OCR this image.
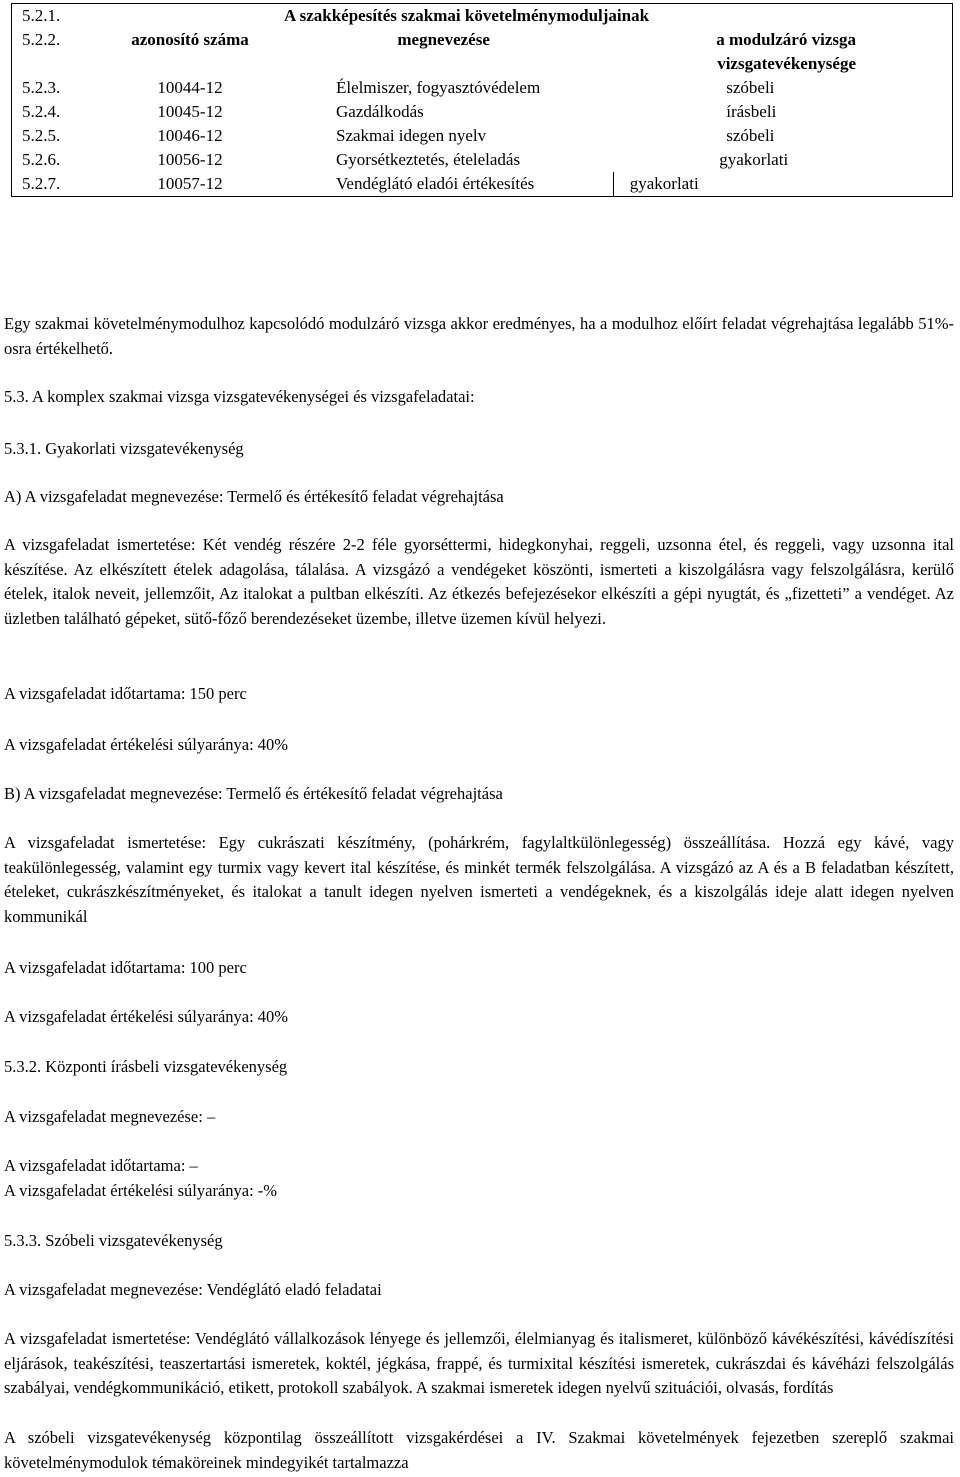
5.2.1.		A szakképesítés szakmai követelménymoduljainak	
5.2.2.	azonosító száma	megnevezése	a modulzáró vizsga vizsgatevékenysége
5.2.3.	10044-12	Élelmiszer, fogyasztóvédelem	szóbeli
5.2.4.	10045-12	Gazdálkodás	írásbeli
5.2.5.	10046-12	Szakmai idegen nyelv	szóbeli
5.2.6.	10056-12	Gyorsétkeztetés, ételeladás	gyakorlati
5.2.7.	10057-12	Vendéglátó eladói értékesítés	gyakorlati

Egy szakmai követelménymodulhoz kapcsolódó modulzáró vizsga akkor eredményes, ha a modulhoz előírt feladat végrehajtása legalább 51%-osra értékelhető.

5.3. A komplex szakmai vizsga vizsgatevékenységei és vizsgafeladatai:

5.3.1. Gyakorlati vizsgatevékenység

A) A vizsgafeladat megnevezése: Termelő és értékesítő feladat végrehajtása

A vizsgafeladat ismertetése: Két vendég részére 2-2 féle gyorséttermi, hidegkonyhai, reggeli, uzsonna étel, és reggeli, vagy uzsonna ital készítése. Az elkészített ételek adagolása, tálalása. A vizsgázó a vendégeket köszönti, ismerteti a kiszolgálásra vagy felszolgálásra, kerülő ételek, italok neveit, jellemzőit, Az italokat a pultban elkészíti. Az étkezés befejezésekor elkészíti a gépi nyugtát, és „fizetteti” a vendéget. Az üzletben található gépeket, sütő-főző berendezéseket üzembe, illetve üzemen kívül helyezi.

A vizsgafeladat időtartama: 150 perc

A vizsgafeladat értékelési súlyaránya: 40%

B) A vizsgafeladat megnevezése: Termelő és értékesítő feladat végrehajtása

A vizsgafeladat ismertetése: Egy cukrászati készítmény, (pohárkrém, fagylaltkülönlegesség) összeállítása. Hozzá egy kávé, vagy teakülönlegesség, valamint egy turmix vagy kevert ital készítése, és minkét termék felszolgálása. A vizsgázó az A és a B feladatban készített, ételeket, cukrászkészítményeket, és italokat a tanult idegen nyelven ismerteti a vendégeknek, és a kiszolgálás ideje alatt idegen nyelven kommunikál

A vizsgafeladat időtartama: 100 perc

A vizsgafeladat értékelési súlyaránya: 40%

5.3.2. Központi írásbeli vizsgatevékenység

A vizsgafeladat megnevezése: –

A vizsgafeladat időtartama: –

A vizsgafeladat értékelési súlyaránya: -%

5.3.3. Szóbeli vizsgatevékenység

A vizsgafeladat megnevezése: Vendéglátó eladó feladatai

A vizsgafeladat ismertetése: Vendéglátó vállalkozások lényege és jellemzői, élelmianyag és italismeret, különböző kávékészítési, kávédíszítési eljárások, teakészítési, teaszertartási ismeretek, koktél, jégkása, frappé, és turmixital készítési ismeretek, cukrászdai és kávéházi felszolgálás szabályai, vendégkommunikáció, etikett, protokoll szabályok. A szakmai ismeretek idegen nyelvű szituációi, olvasás, fordítás

A szóbeli vizsgatevékenység központilag összeállított vizsgakérdései a IV. Szakmai követelmények fejezetben szereplő szakmai követelménymodulok témaköreinek mindegyikét tartalmazza
